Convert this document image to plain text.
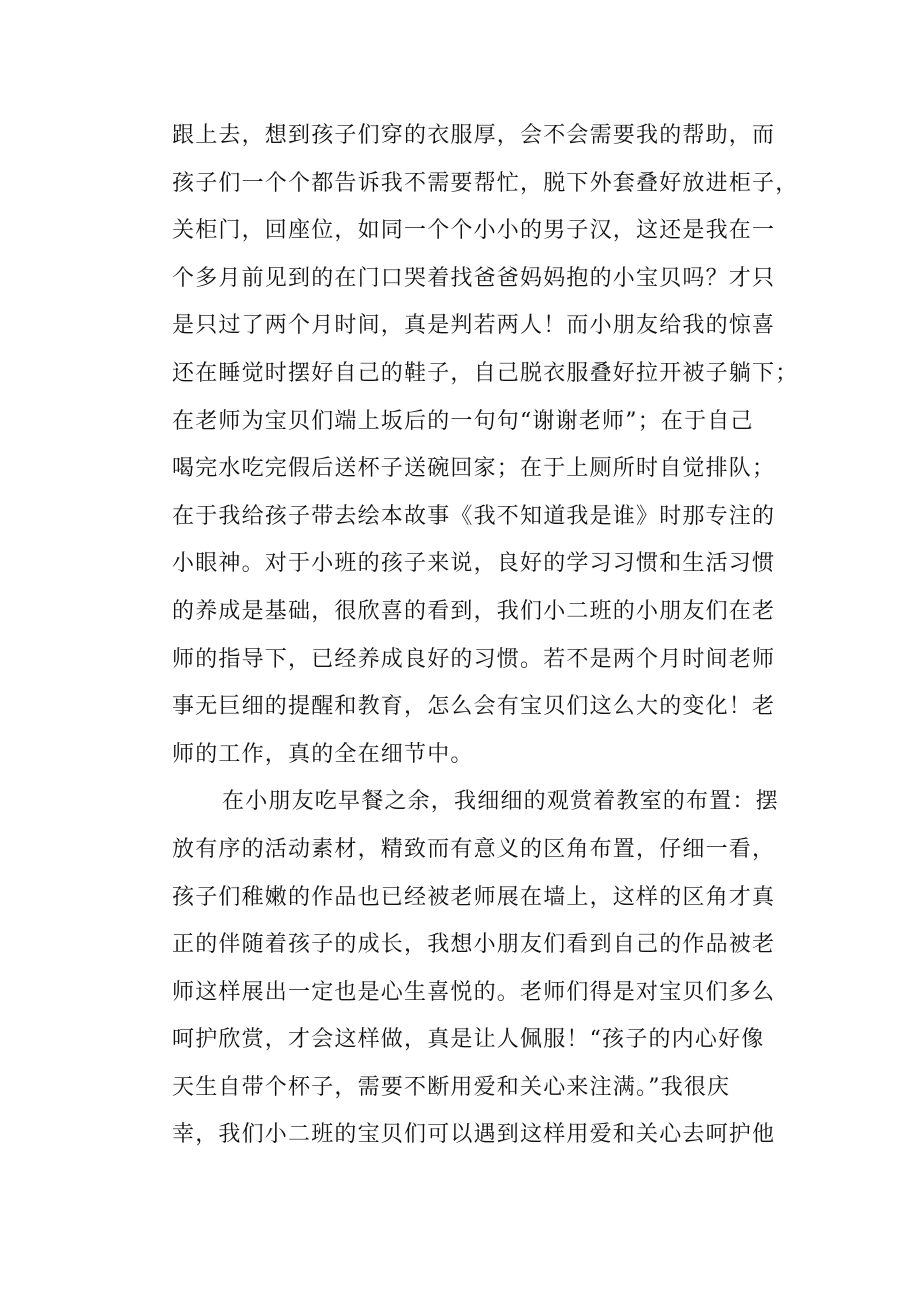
跟上去，想到孩子们穿的衣服厚，会不会需要我的帮助，而
孩子们一个个都告诉我不需要帮忙，脱下外套叠好放进柜子，
关柜门，回座位，如同一个个小小的男子汉，这还是我在一
个多月前见到的在门口哭着找爸爸妈妈抱的小宝贝吗？才只
是只过了两个月时间，真是判若两人！而小朋友给我的惊喜
还在睡觉时摆好自己的鞋子，自己脱衣服叠好拉开被子躺下；
在老师为宝贝们端上坂后的一句句“谢谢老师”；在于自己
喝完水吃完假后送杯子送碗回家；在于上厕所时自觉排队；
在于我给孩子带去绘本故事《我不知道我是谁》时那专注的
小眼神。对于小班的孩子来说，良好的学习习惯和生活习惯
的养成是基础，很欣喜的看到，我们小二班的小朋友们在老
师的指导下，已经养成良好的习惯。若不是两个月时间老师
事无巨细的提醒和教育，怎么会有宝贝们这么大的变化！老
师的工作，真的全在细节中。
在小朋友吃早餐之余，我细细的观赏着教室的布置：摆
放有序的活动素材，精致而有意义的区角布置，仔细一看，
孩子们稚嫩的作品也已经被老师展在墙上，这样的区角才真
正的伴随着孩子的成长，我想小朋友们看到自己的作品被老
师这样展出一定也是心生喜悦的。老师们得是对宝贝们多么
呵护欣赏，才会这样做，真是让人佩服！“孩子的内心好像
天生自带个杯子，需要不断用爱和关心来注满。”我很庆
幸，我们小二班的宝贝们可以遇到这样用爱和关心去呵护他
